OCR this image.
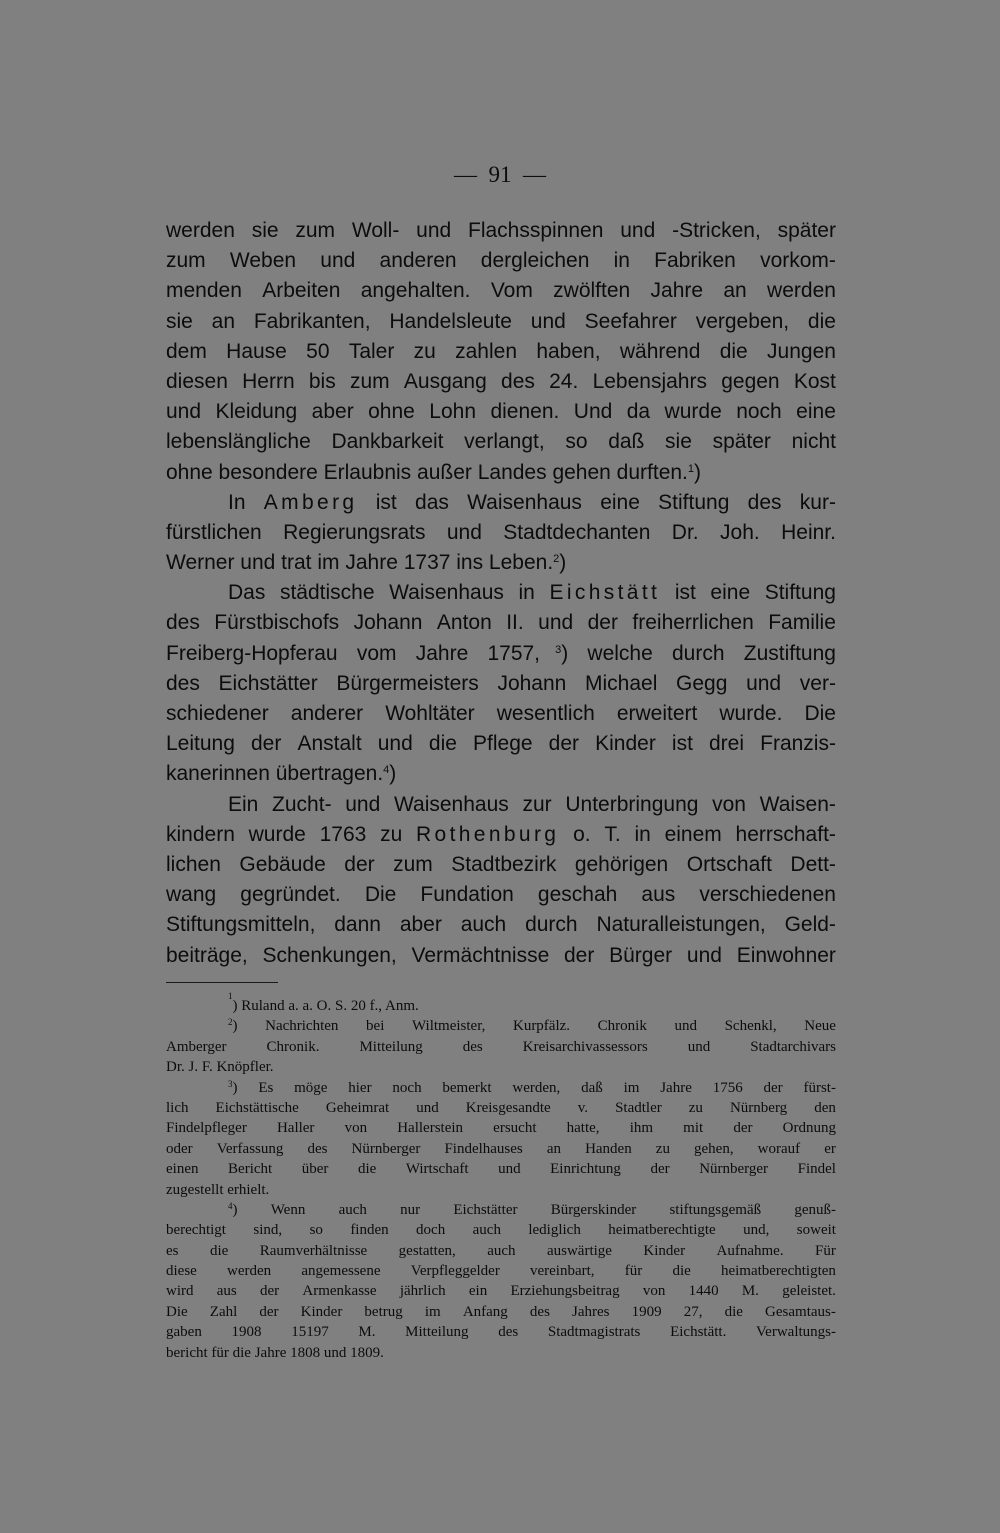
—  91  —
werden sie zum Woll- und Flachsspinnen und -Stricken, später
zum Weben und anderen dergleichen in Fabriken vorkom-
menden Arbeiten angehalten. Vom zwölften Jahre an werden
sie an Fabrikanten, Handelsleute und Seefahrer vergeben, die
dem Hause 50 Taler zu zahlen haben, während die Jungen
diesen Herrn bis zum Ausgang des 24. Lebensjahrs gegen Kost
und Kleidung aber ohne Lohn dienen. Und da wurde noch eine
lebenslängliche Dankbarkeit verlangt, so daß sie später nicht
ohne besondere Erlaubnis außer Landes gehen durften. $^1$)
In Amberg ist das Waisenhaus eine Stiftung des kur-
fürstlichen Regierungsrats und Stadtdechanten Dr. Joh. Heinr.
Werner und trat im Jahre 1737 ins Leben. $^2$)
Das städtische Waisenhaus in Eichstätt ist eine Stiftung
des Fürstbischofs Johann Anton II. und der freiherrlichen Familie
Freiberg-Hopferau vom Jahre 1757, $^3$) welche durch Zustiftung
des Eichstätter Bürgermeisters Johann Michael Gegg und ver-
schiedener anderer Wohltäter wesentlich erweitert wurde. Die
Leitung der Anstalt und die Pflege der Kinder ist drei Franzis-
kanerinnen übertragen. $^4$)
Ein Zucht- und Waisenhaus zur Unterbringung von Waisen-
kindern wurde 1763 zu Rothenburg o. T. in einem herrschaft-
lichen Gebäude der zum Stadtbezirk gehörigen Ortschaft Dett-
wang gegründet. Die Fundation geschah aus verschiedenen
Stiftungsmitteln, dann aber auch durch Naturalleistungen, Geld-
beiträge, Schenkungen, Vermächtnisse der Bürger und Einwohner
1
) Ruland a. a. O. S. 20 f., Anm.
$^2$) Nachrichten bei Wiltmeister, Kurpfälz. Chronik und Schenkl, Neue
Amberger	Chronik.	Mitteilung	des	Kreisarchivassessors	und	Stadtarchivars
Dr. J. F. Knöpfler.
$^3$) Es möge hier noch bemerkt werden, daß im Jahre 1756 der fürst-
lich Eichstättische Geheimrat und Kreisgesandte v. Stadtler zu Nürnberg den
Findelpfleger Haller von Hallerstein ersucht hatte, ihm mit der Ordnung
oder Verfassung des Nürnberger Findelhauses an Handen zu gehen, worauf er
einen Bericht über die Wirtschaft und Einrichtung der Nürnberger Findel
zugestellt erhielt.
$^4$) Wenn auch nur Eichstätter Bürgerskinder stiftungsgemäß genuß-
berechtigt sind, so finden doch auch lediglich heimatberechtigte und, soweit
es die Raumverhältnisse gestatten, auch auswärtige Kinder Aufnahme. Für
diese werden angemessene Verpfleggelder vereinbart, für die heimatberechtigten
wird aus der Armenkasse jährlich ein Erziehungsbeitrag von 1440 M. geleistet.
Die Zahl der Kinder betrug im Anfang des Jahres 1909 27, die Gesamtaus-
gaben 1908 15197 M. Mitteilung des Stadtmagistrats Eichstätt. Verwaltungs-
bericht für die Jahre 1808 und 1809.
